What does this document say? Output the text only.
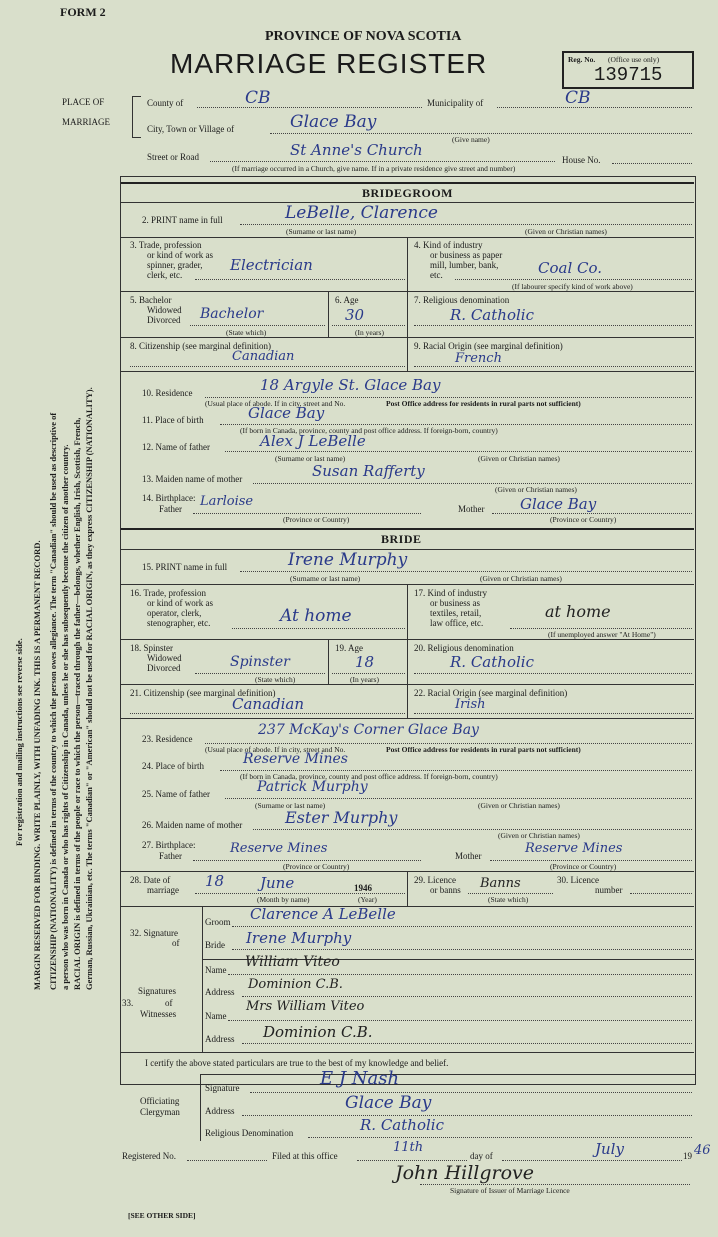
FORM 2
PROVINCE OF NOVA SCOTIA
MARRIAGE REGISTER	Reg. No. (Office use only)
139715
PLACE OF
MARRIAGE
County of	CB	Municipality of	CB
City, Town or Village of	Glace Bay
(Give name)
Street or Road	St Anne's Church
House No.
(If marriage occurred in a Church, give name. If in a private residence give street and number)
BRIDEGROOM
2. PRINT name in full	LeBelle, Clarence
(Surname or last name)	(Given or Christian names)
3. Trade, profession
or kind of work as
spinner, grader,
clerk, etc.
Electrician
4. Kind of industry
or business as paper
mill, lumber, bank,
etc.	Coal Co.
(If labourer specify kind of work above)
5. Bachelor
Widowed
Divorced Bachelor
(State which)
6. Age
30
(In years)
7. Religious denomination
R. Catholic
8. Citizenship (see marginal definition)
Canadian
9. Racial Origin (see marginal definition)
French
10. Residence	18 Argyle St. Glace Bay
(Usual place of abode. If in city, street and No.	Post Office address for residents in rural parts not sufficient)
11. Place of birth	Glace Bay
(If born in Canada, province, county and post office address. If foreign-born, country)
12. Name of father	Alex J LeBelle
(Surname or last name)	(Given or Christian names)
13. Maiden name of mother	Susan Rafferty
(Given or Christian names)
14. Birthplace:
Father Larloise
(Province or Country)
Mother Glace Bay
(Province or Country)
BRIDE
15. PRINT name in full	Irene Murphy
(Surname or last name)	(Given or Christian names)
16. Trade, profession
or kind of work as
operator, clerk,
stenographer, etc.	At home
17. Kind of industry
or business as
textiles, retail,
law office, etc.
at home
(If unemployed answer "At Home")
18. Spinster
Widowed
Divorced	Spinster
(State which)
19. Age
18
(In years)
20. Religious denomination
R. Catholic
21. Citizenship (see marginal definition)
Canadian
22. Racial Origin (see marginal definition)
Irish
23. Residence
237 McKay's Corner Glace Bay
(Usual place of abode. If in city, street and No.	Post Office address for residents in rural parts not sufficient)
24. Place of birth	Reserve Mines
(If born in Canada, province, county and post office address. If foreign-born, country)
25. Name of father	Patrick Murphy
(Surname or last name)	(Given or Christian names)
26. Maiden name of mother	Ester Murphy
(Given or Christian names)
27. Birthplace:
Father	Reserve Mines
(Province or Country)
Mother	Reserve Mines
(Province or Country)
28. Date of
marriage 18 June	1946
(Month by name)	(Year)
29. Licence
or banns Banns
(State which)
30. Licence
number
32. Signature
of
Groom Clarence A LeBelle
Bride Irene Murphy
Signatures
33.	of
Witnesses
Name William Viteo
Address Dominion C.B.
Name
Mrs William Viteo
Address Dominion C.B.
I certify the above stated particulars are true to the best of my knowledge and belief.
Officiating
Clergyman
Signature	E J Nash
Address	Glace Bay
Religious Denomination	R. Catholic
Registered No.	Filed at this office
11th
day of	July	19 46
John Hillgrove
Signature of Issuer of Marriage Licence
[SEE OTHER SIDE]
For registration and mailing instructions see reverse side. MARGIN RESERVED FOR BINDING. WRITE PLAINLY, WITH UNFADING INK. THIS IS A PERMANENT RECORD. CITIZENSHIP (NATIONALITY) is defined in terms of the country to which the person owes allegiance. The term "Canadian" should be used as descriptive of a person who was born in Canada or who has rights of Citizenship in Canada, unless he or she has subsequently become the citizen of another country. RACIAL ORIGIN is defined in terms of the people or race to which the person—traced through the father—belongs, whether English, Irish, Scottish, French, German, Russian, Ukrainian, etc. The terms "Canadian" or "American" should not be used for RACIAL ORIGIN, as they express CITIZENSHIP (NATIONALITY).
